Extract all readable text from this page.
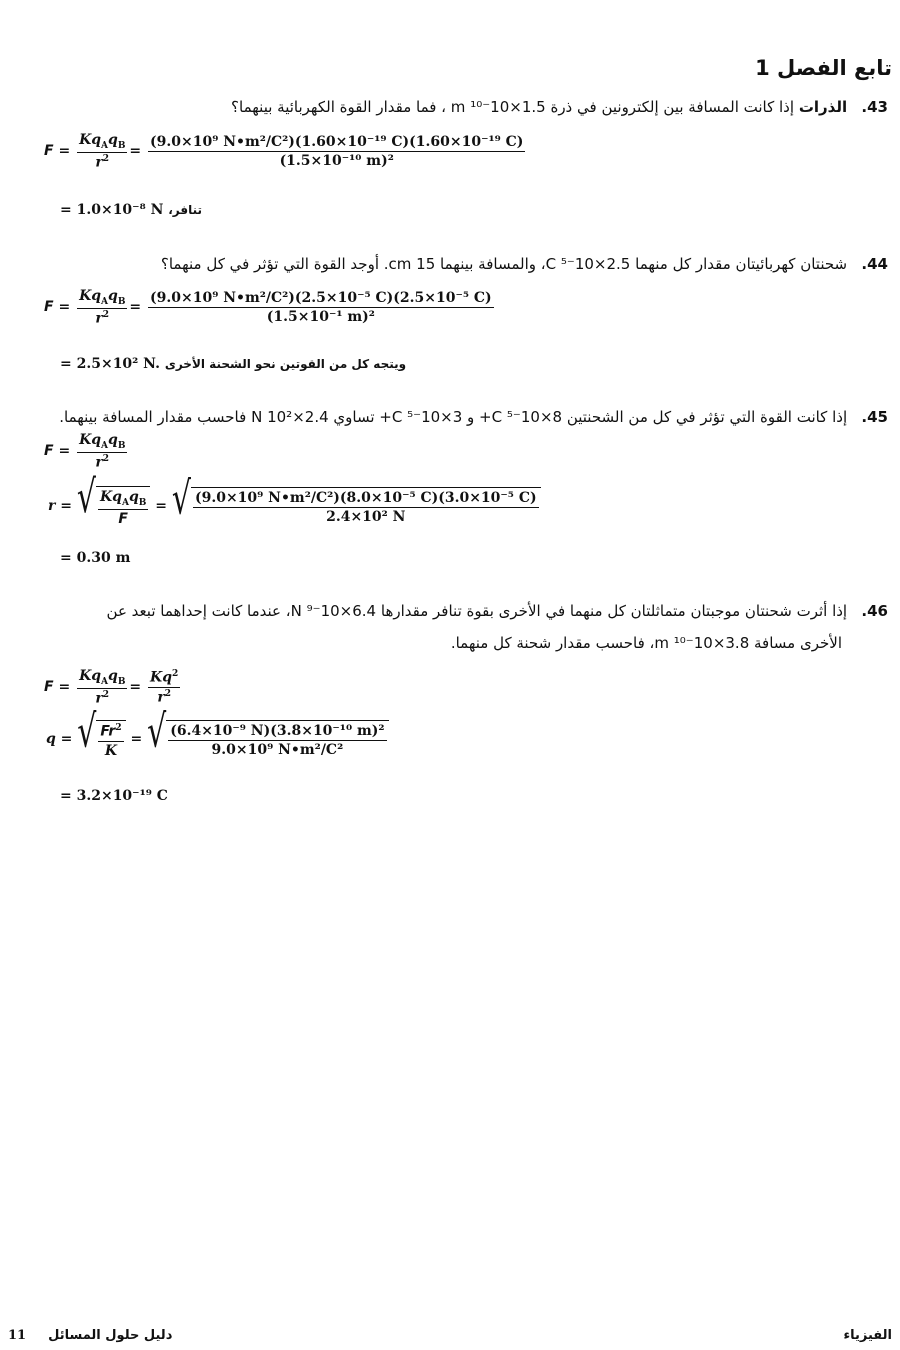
تابع الفصل 1
43.   الذرات إذا كانت المسافة بين إلكترونين في ذرة 1.5×10⁻¹⁰ m ، فما مقدار القوة الكهربائية بينهما؟
$F = \frac{Kq_Aq_B}{r^2} = \frac{\text{(9.0×10⁹ N•m²/C²)(1.60×10⁻¹⁹ C)(1.60×10⁻¹⁹ C)}}{\text{(1.5×10⁻¹⁰ m)²}}$
= 1.0×10⁻⁸ N
تنافر،
44.   شحنتان كهربائيتان مقدار كل منهما 2.5×10⁻⁵ C، والمسافة بينهما 15 cm. أوجد القوة التي تؤثر في كل منهما؟
$F = \frac{Kq_Aq_B}{r^2} = \frac{\text{(9.0×10⁹ N•m²/C²)(2.5×10⁻⁵ C)(2.5×10⁻⁵ C)}}{\text{(1.5×10⁻¹ m)²}}$
= 2.5×10² N.
ويتجه كل من القوتين نحو الشحنة الأخرى
45.   إذا كانت القوة التي تؤثر في كل من الشحنتين 8×10⁻⁵ C+ و 3×10⁻⁵ C+ تساوي 2.4×10² N فاحسب مقدار المسافة بينهما.
$F = \frac{Kq_Aq_B}{r^2}$
r = √ $\frac{Kq_Aq_B}{F}$ = √ $\frac{\text{(9.0×10⁹ N•m²/C²)(8.0×10⁻⁵ C)(3.0×10⁻⁵ C)}}{\text{2.4×10² N}}$
= 0.30 m
46.   إذا أثرت شحنتان موجبتان متماثلتان كل منهما في الأخرى بقوة تنافر مقدارها 6.4×10⁻⁹ N، عندما كانت إحداهما تبعد عن
الأخرى مسافة 3.8×10⁻¹⁰ m، فاحسب مقدار شحنة كل منهما.
$F = \frac{Kq_Aq_B}{r^2} = \frac{Kq^2}{r^2}$
q = √ $\frac{Fr^2}{K}$ = √ $\frac{\text{(6.4×10⁻⁹ N)(3.8×10⁻¹⁰ m)²}}{\text{9.0×10⁹ N•m²/C²}}$
= 3.2×10⁻¹⁹ C
الفيزياء
11 دليل حلول المسائل
